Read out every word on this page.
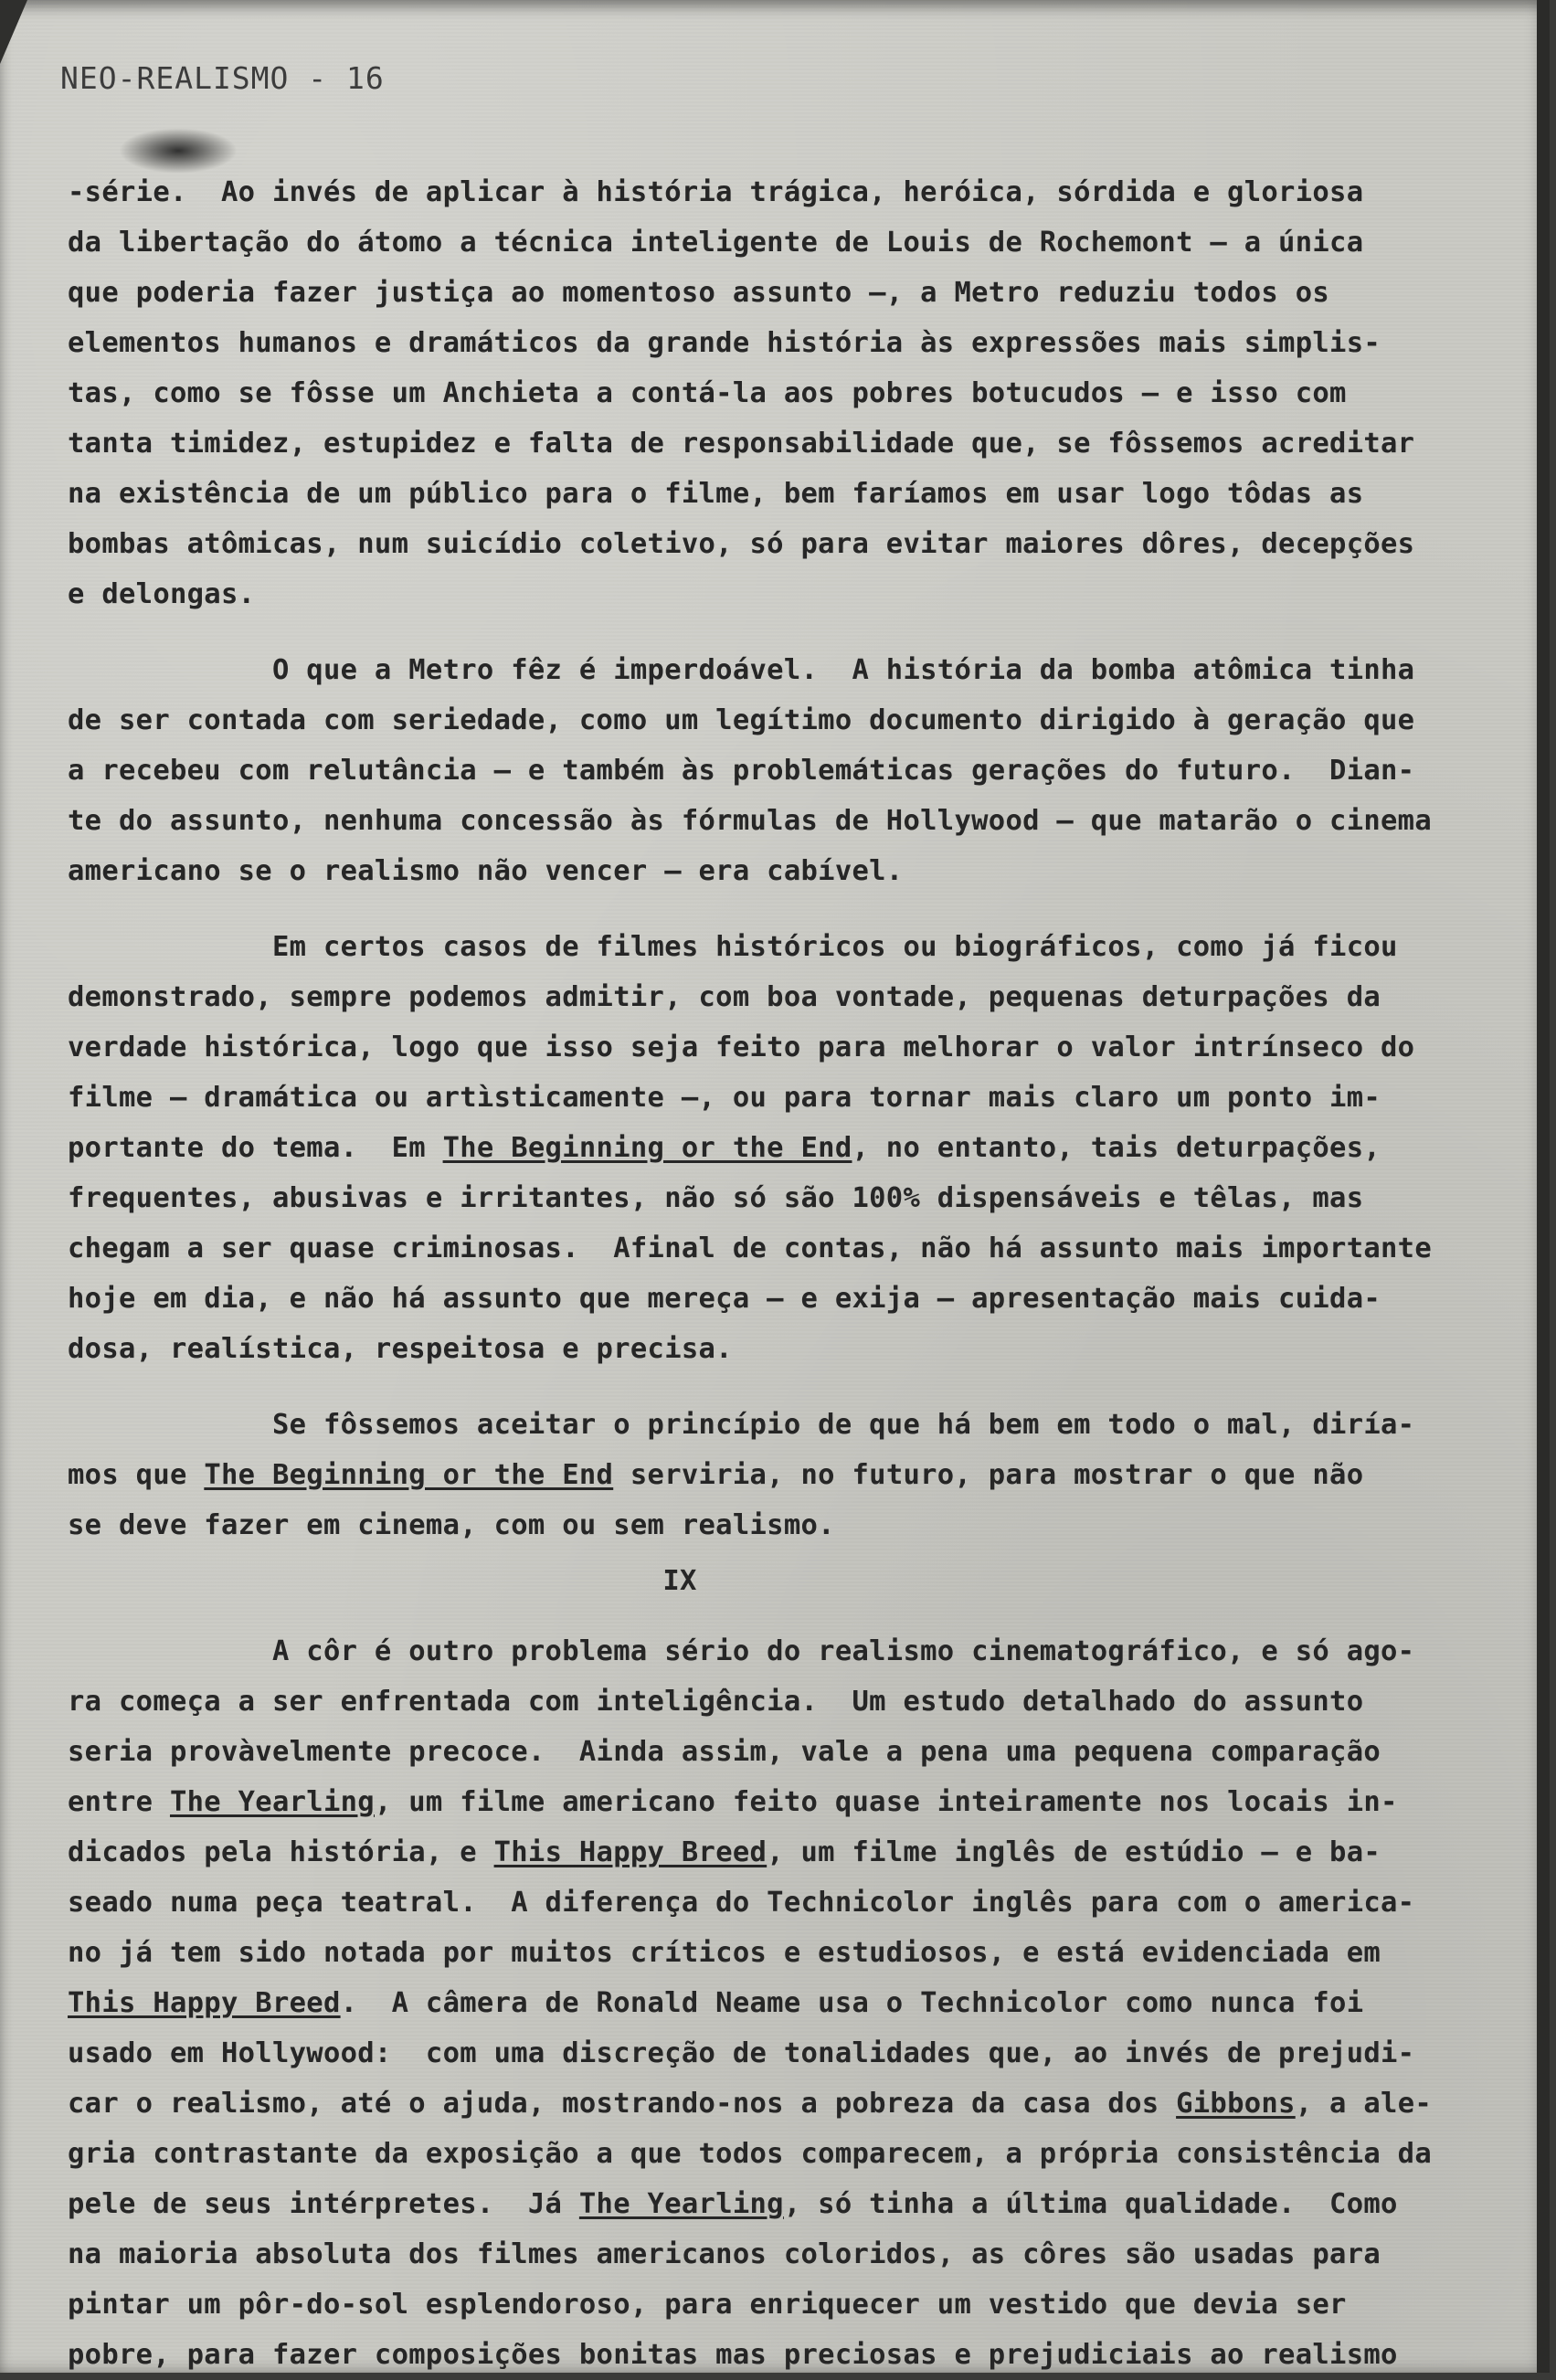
NEO-REALISMO - 16
-série.  Ao invés de aplicar à história trágica, heróica, sórdida e gloriosa
da libertação do átomo a técnica inteligente de Louis de Rochemont — a única
que poderia fazer justiça ao momentoso assunto —, a Metro reduziu todos os
elementos humanos e dramáticos da grande história às expressões mais simplis-
tas, como se fôsse um Anchieta a contá-la aos pobres botucudos — e isso com
tanta timidez, estupidez e falta de responsabilidade que, se fôssemos acreditar
na existência de um público para o filme, bem faríamos em usar logo tôdas as
bombas atômicas, num suicídio coletivo, só para evitar maiores dôres, decepções
e delongas.
O que a Metro fêz é imperdoável.  A história da bomba atômica tinha
de ser contada com seriedade, como um legítimo documento dirigido à geração que
a recebeu com relutância — e também às problemáticas gerações do futuro.  Dian-
te do assunto, nenhuma concessão às fórmulas de Hollywood — que matarão o cinema
americano se o realismo não vencer — era cabível.
Em certos casos de filmes históricos ou biográficos, como já ficou
demonstrado, sempre podemos admitir, com boa vontade, pequenas deturpações da
verdade histórica, logo que isso seja feito para melhorar o valor intrínseco do
filme — dramática ou artìsticamente —, ou para tornar mais claro um ponto im-
portante do tema.  Em The Beginning or the End, no entanto, tais deturpações,
frequentes, abusivas e irritantes, não só são 100% dispensáveis e têlas, mas
chegam a ser quase criminosas.  Afinal de contas, não há assunto mais importante
hoje em dia, e não há assunto que mereça — e exija — apresentação mais cuida-
dosa, realística, respeitosa e precisa.
Se fôssemos aceitar o princípio de que há bem em todo o mal, diría-
mos que The Beginning or the End serviria, no futuro, para mostrar o que não
se deve fazer em cinema, com ou sem realismo.
IX
A côr é outro problema sério do realismo cinematográfico, e só ago-
ra começa a ser enfrentada com inteligência.  Um estudo detalhado do assunto
seria provàvelmente precoce.  Ainda assim, vale a pena uma pequena comparação
entre The Yearling, um filme americano feito quase inteiramente nos locais in-
dicados pela história, e This Happy Breed, um filme inglês de estúdio — e ba-
seado numa peça teatral.  A diferença do Technicolor inglês para com o america-
no já tem sido notada por muitos críticos e estudiosos, e está evidenciada em
This Happy Breed.  A câmera de Ronald Neame usa o Technicolor como nunca foi
usado em Hollywood:  com uma discreção de tonalidades que, ao invés de prejudi-
car o realismo, até o ajuda, mostrando-nos a pobreza da casa dos Gibbons, a ale-
gria contrastante da exposição a que todos comparecem, a própria consistência da
pele de seus intérpretes.  Já The Yearling, só tinha a última qualidade.  Como
na maioria absoluta dos filmes americanos coloridos, as côres são usadas para
pintar um pôr-do-sol esplendoroso, para enriquecer um vestido que devia ser
pobre, para fazer composições bonitas mas preciosas e prejudiciais ao realismo
